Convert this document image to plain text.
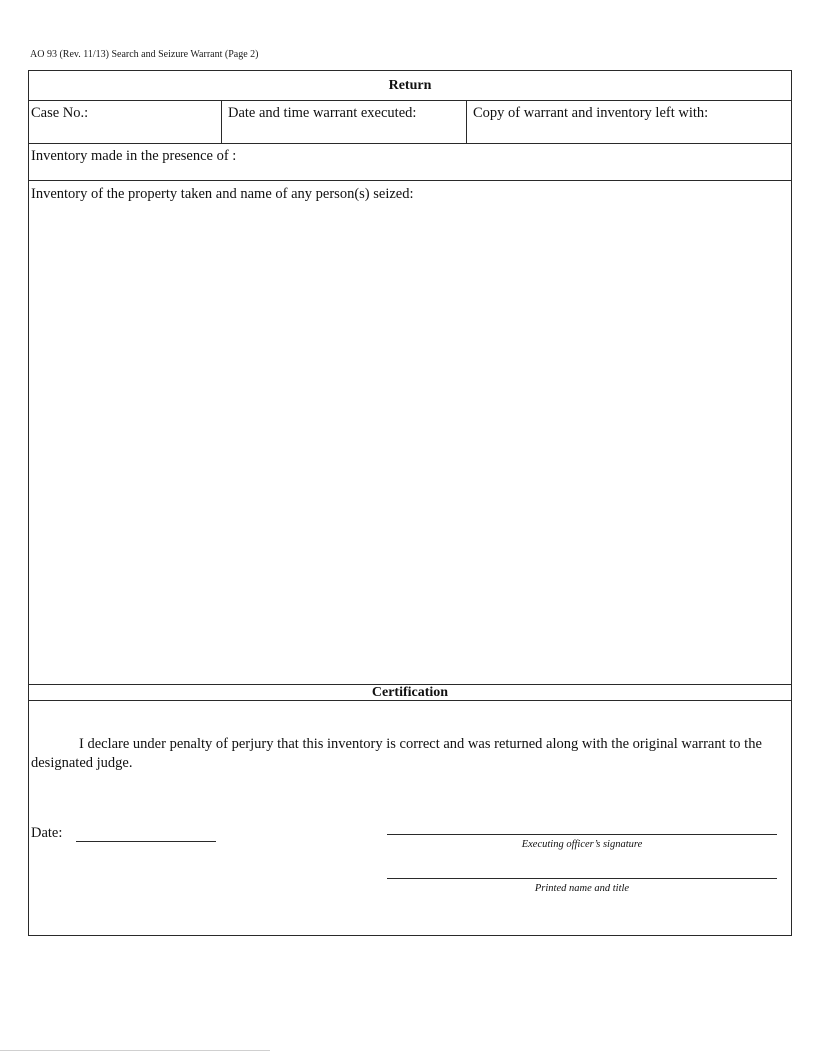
AO 93 (Rev. 11/13) Search and Seizure Warrant (Page 2)
Return
Case No.:	Date and time warrant executed:	Copy of warrant and inventory left with:
Inventory made in the presence of :
Inventory of the property taken and name of any person(s) seized:
Certification
I declare under penalty of perjury that this inventory is correct and was returned along with the original warrant to the designated judge.
Date:
Executing officer’s signature
Printed name and title
